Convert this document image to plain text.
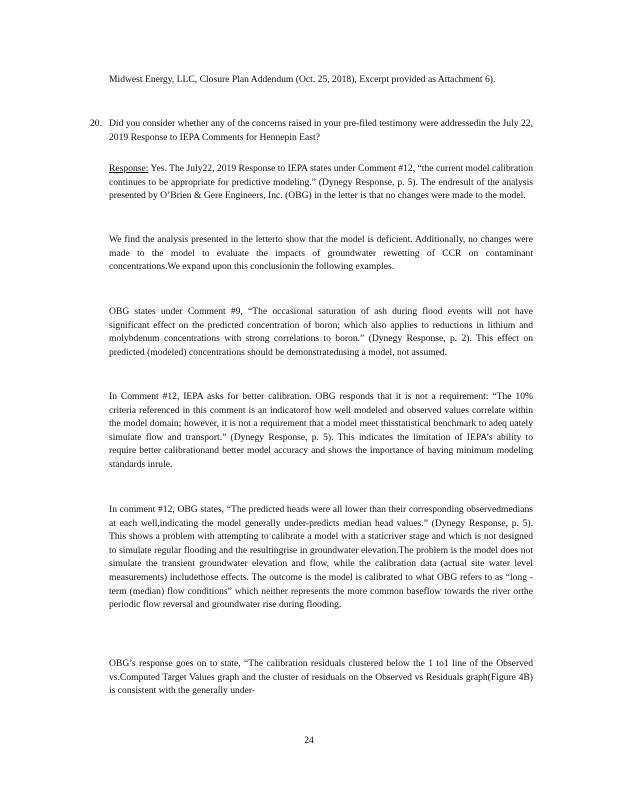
Midwest Energy, LLC, Closure Plan Addendum (Oct. 25, 2018), Excerpt provided as Attachment 6).

20. Did you consider whether any of the concerns raised in your pre-filed testimony were addressedin the July 22, 2019 Response to IEPA Comments for Hennepin East?

Response: Yes. The July22, 2019 Response to IEPA states under Comment #12, “the current model calibration continues to be appropriate for predictive modeling.” (Dynegy Response, p. 5). The endresult of the analysis presented by O’Brien & Gere Engineers, Inc. (OBG) in the letter is that no changes were made to the model.

We find the analysis presented in the letterto show that the model is deficient. Additionally, no changes were made to the model to evaluate the impacts of groundwater rewetting of CCR on contaminant concentrations.We expand upon this conclusionin the following examples.

OBG states under Comment #9, “The occasional saturation of ash during flood events will not have significant effect on the predicted concentration of boron; which also applies to reductions in lithium and molybdenum concentrations with strong correlations to boron.” (Dynegy Response, p. 2). This effect on predicted (modeled) concentrations should be demonstratedusing a model, not assumed.

In Comment #12, IEPA asks for better calibration. OBG responds that it is not a requirement: “The 10% criteria referenced in this comment is an indicatorof how well modeled and observed values correlate within the model domain; however, it is not a requirement that a model meet thisstatistical benchmark to adeq uately simulate flow and transport.” (Dynegy Response, p. 5). This indicates the limitation of IEPA’s ability to require better calibrationand better model accuracy and shows the importance of having minimum modeling standards inrule.

In comment #12, OBG states, “The predicted heads were all lower than their corresponding observedmedians at each well,indicating the model generally under-predicts median head values.” (Dynegy Response, p. 5). This shows a problem with attempting to calibrate a model with a staticriver stage and which is not designed to simulate regular flooding and the resultingrise in groundwater elevation.The problem is the model does not simulate the transient groundwater elevation and flow, while the calibration data (actual site water level measurements) includethose effects. The outcome is the model is calibrated to what OBG refers to as “long -term (median) flow conditions” which neither represents the more common baseflow towards the river orthe periodic flow reversal and groundwater rise during flooding.

OBG’s response goes on to state, “The calibration residuals clustered below the 1 to1 line of the Observed vs.Computed Target Values graph and the cluster of residuals on the Observed vs Residuals graph(Figure 4B) is consistent with the generally under-

24
